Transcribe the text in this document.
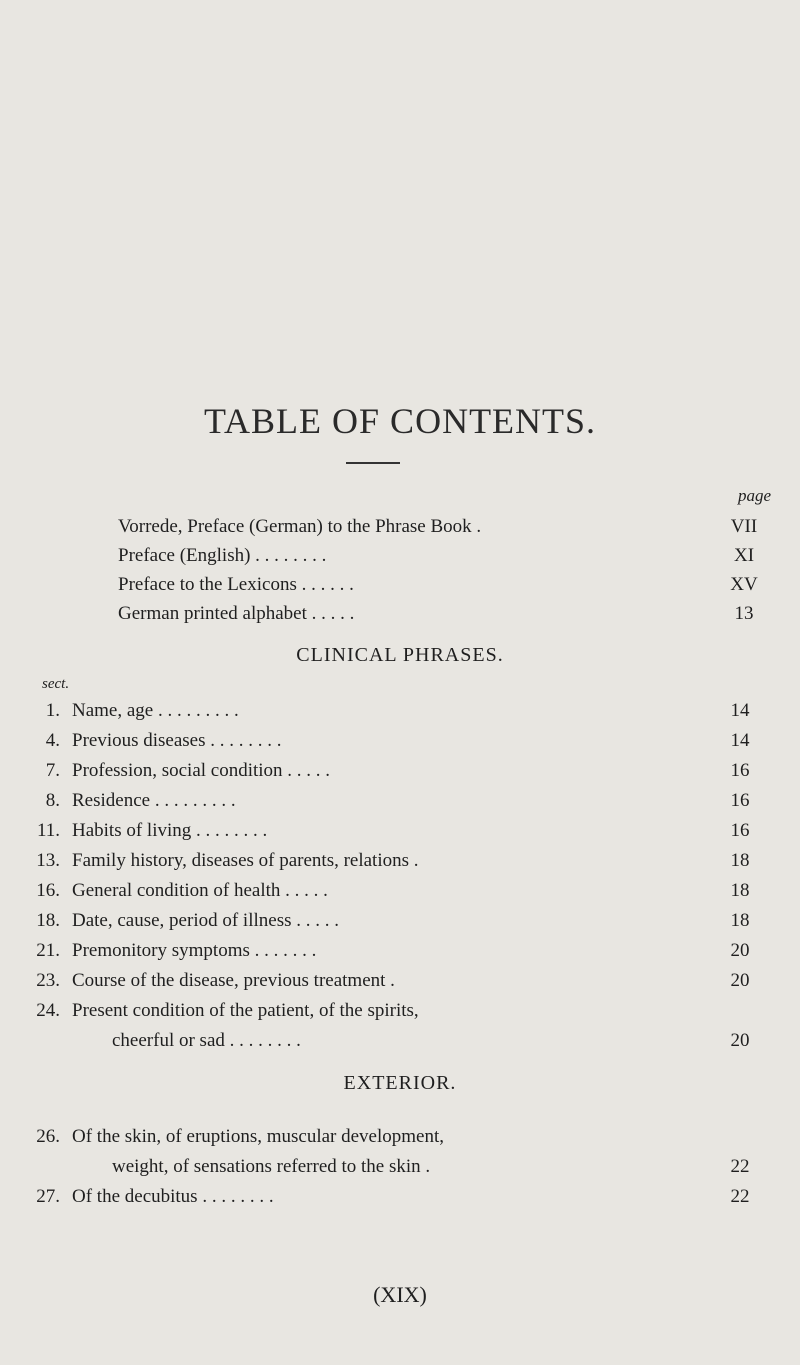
TABLE OF CONTENTS.
page
Vorrede, Preface (German) to the Phrase Book .	VII
Preface (English) . . . . . . . .	XI
Preface to the Lexicons . . . . . .	XV
German printed alphabet . . . . .	13
CLINICAL PHRASES.
sect.
1. Name, age . . . . . . . . .	14
4. Previous diseases . . . . . . . .	14
7. Profession, social condition . . . . .	16
8. Residence . . . . . . . . .	16
11. Habits of living . . . . . . . .	16
13. Family history, diseases of parents, relations .	18
16. General condition of health . . . . .	18
18. Date, cause, period of illness . . . . .	18
21. Premonitory symptoms . . . . . . .	20
23. Course of the disease, previous treatment .	20
24. Present condition of the patient, of the spirits,
cheerful or sad . . . . . . . .	20
EXTERIOR.
26. Of the skin, of eruptions, muscular development,
weight, of sensations referred to the skin .	22
27. Of the decubitus . . . . . . . .	22
(XIX)
